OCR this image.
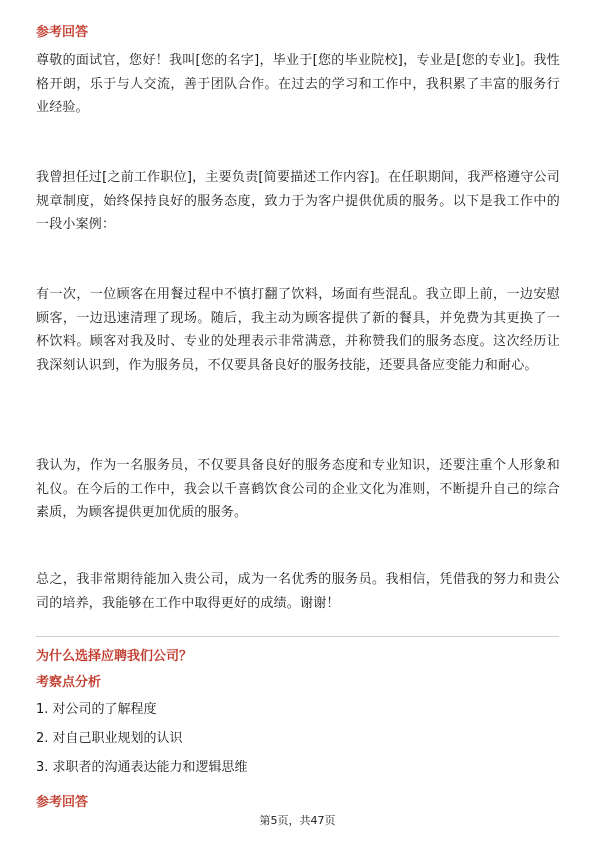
参考回答
尊敬的面试官，您好！我叫[您的名字]，毕业于[您的毕业院校]，专业是[您的专业]。我性格开朗，乐于与人交流，善于团队合作。在过去的学习和工作中，我积累了丰富的服务行业经验。
我曾担任过[之前工作职位]，主要负责[简要描述工作内容]。在任职期间，我严格遵守公司规章制度，始终保持良好的服务态度，致力于为客户提供优质的服务。以下是我工作中的一段小案例：
有一次，一位顾客在用餐过程中不慎打翻了饮料，场面有些混乱。我立即上前，一边安慰顾客，一边迅速清理了现场。随后，我主动为顾客提供了新的餐具，并免费为其更换了一杯饮料。顾客对我及时、专业的处理表示非常满意，并称赞我们的服务态度。这次经历让我深刻认识到，作为服务员，不仅要具备良好的服务技能，还要具备应变能力和耐心。
我认为，作为一名服务员，不仅要具备良好的服务态度和专业知识，还要注重个人形象和礼仪。在今后的工作中，我会以千喜鹤饮食公司的企业文化为准则，不断提升自己的综合素质，为顾客提供更加优质的服务。
总之，我非常期待能加入贵公司，成为一名优秀的服务员。我相信，凭借我的努力和贵公司的培养，我能够在工作中取得更好的成绩。谢谢！
为什么选择应聘我们公司？
考察点分析
1. 对公司的了解程度
2. 对自己职业规划的认识
3. 求职者的沟通表达能力和逻辑思维
参考回答
第5页，共47页
